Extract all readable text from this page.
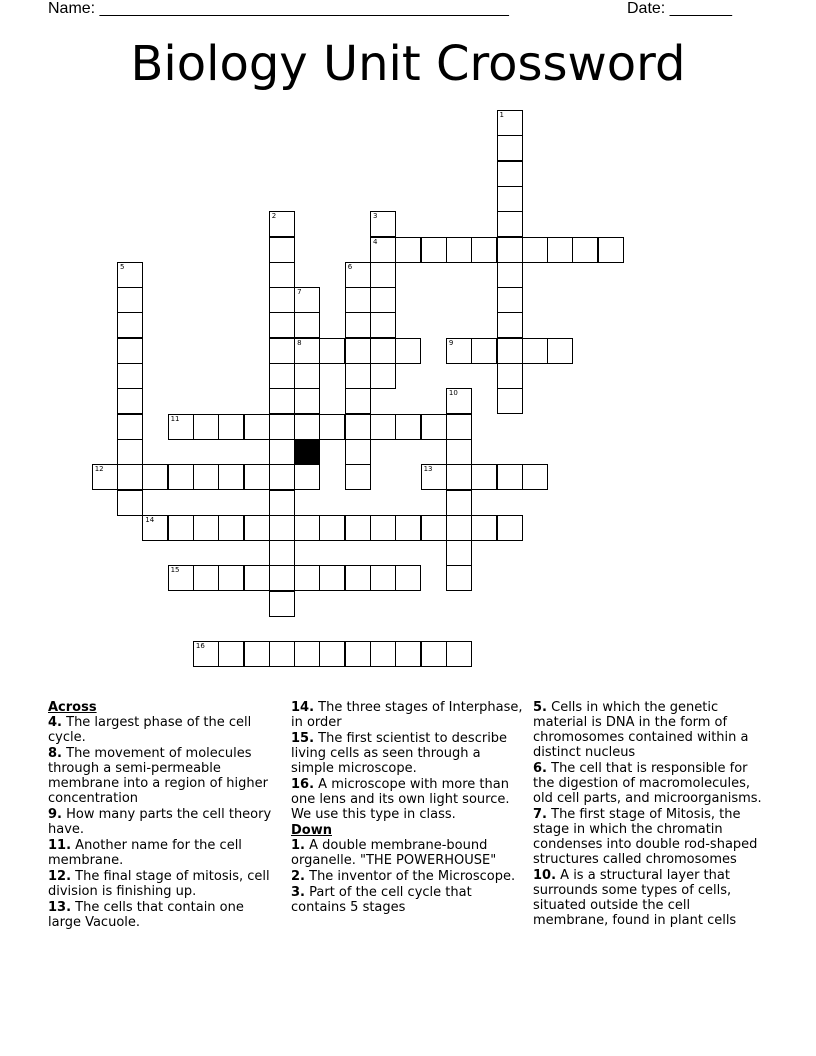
Name: ______________________________________________	Date: _______
Biology Unit Crossword
1
2	3
4
5	6
7
8	9
10
11
12	13
14
15
16
Across
4. The largest phase of the cell cycle.
8. The movement of molecules through a semi-permeable membrane into a region of higher concentration
9. How many parts the cell theory have.
11. Another name for the cell membrane.
12. The final stage of mitosis, cell division is finishing up.
13. The cells that contain one large Vacuole.
14. The three stages of Interphase, in order
15. The first scientist to describe living cells as seen through a simple microscope.
16. A microscope with more than one lens and its own light source. We use this type in class.
Down
1. A double membrane-bound organelle. "THE POWERHOUSE"
2. The inventor of the Microscope.
3. Part of the cell cycle that contains 5 stages
5. Cells in which the genetic material is DNA in the form of chromosomes contained within a distinct nucleus
6. The cell that is responsible for the digestion of macromolecules, old cell parts, and microorganisms.
7. The first stage of Mitosis, the stage in which the chromatin condenses into double rod-shaped structures called chromosomes
10. A is a structural layer that surrounds some types of cells, situated outside the cell membrane, found in plant cells
